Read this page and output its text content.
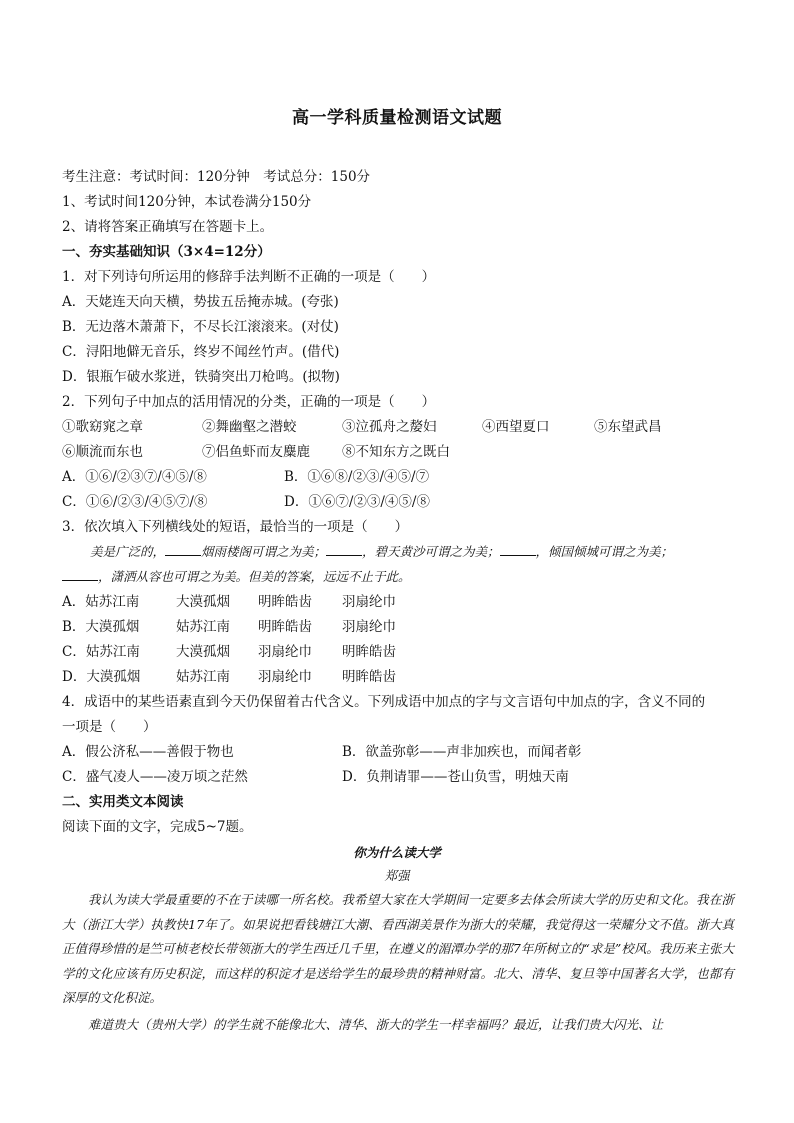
高一学科质量检测语文试题
考生注意：考试时间：120分钟　考试总分：150分
1、考试时间120分钟，本试卷满分150分
2、请将答案正确填写在答题卡上。
一、夯实基础知识（3×4=12分）
1．对下列诗句所运用的修辞手法判断不正确的一项是（　　）
A．天姥连天向天横，势拔五岳掩赤城。(夸张)
B．无边落木萧萧下，不尽长江滚滚来。(对仗)
C．浔阳地僻无音乐，终岁不闻丝竹声。(借代)
D．银瓶乍破水浆迸，铁骑突出刀枪鸣。(拟物)
2．下列句子中加点的活用情况的分类，正确的一项是（　　）
①歌窈窕之章	②舞幽壑之潜蛟	③泣孤舟之嫠妇	④西望夏口	⑤东望武昌
⑥顺流而东也	⑦侣鱼虾而友麋鹿 ⑧不知东方之既白
A．①⑥/②③⑦/④⑤/⑧	B．①⑥⑧/②③/④⑤/⑦
C．①⑥/②③/④⑤⑦/⑧	D．①⑥⑦/②③/④⑤/⑧
3．依次填入下列横线处的短语，最恰当的一项是（　　）
美是广泛的，	烟雨楼阁可谓之为美；	，碧天黄沙可谓之为美；	，倾国倾城可谓之为美；
，潇洒从容也可谓之为美。但美的答案，远远不止于此。
A．姑苏江南	大漠孤烟 明眸皓齿 羽扇纶巾
B．大漠孤烟	姑苏江南 明眸皓齿 羽扇纶巾
C．姑苏江南	大漠孤烟 羽扇纶巾 明眸皓齿
D．大漠孤烟	姑苏江南 羽扇纶巾 明眸皓齿
4．成语中的某些语素直到今天仍保留着古代含义。下列成语中加点的字与文言语句中加点的字，含义不同的
一项是（　　）
A．假公济私——善假于物也	B．欲盖弥彰——声非加疾也，而闻者彰
C．盛气凌人——凌万顷之茫然	D．负荆请罪——苍山负雪，明烛天南
二、实用类文本阅读
阅读下面的文字，完成5~7题。
你为什么读大学
郑强
我认为读大学最重要的不在于读哪一所名校。我希望大家在大学期间一定要多去体会所读大学的历史和文化。我在浙大（浙江大学）执教快17年了。如果说把看钱塘江大潮、看西湖美景作为浙大的荣耀，我觉得这一荣耀分文不值。浙大真正值得珍惜的是竺可桢老校长带领浙大的学生西迁几千里，在遵义的湄潭办学的那7年所树立的“求是”校风。我历来主张大学的文化应该有历史积淀，而这样的积淀才是送给学生的最珍贵的精神财富。北大、清华、复旦等中国著名大学，也都有深厚的文化积淀。
难道贵大（贵州大学）的学生就不能像北大、清华、浙大的学生一样幸福吗？最近，让我们贵大闪光、让
